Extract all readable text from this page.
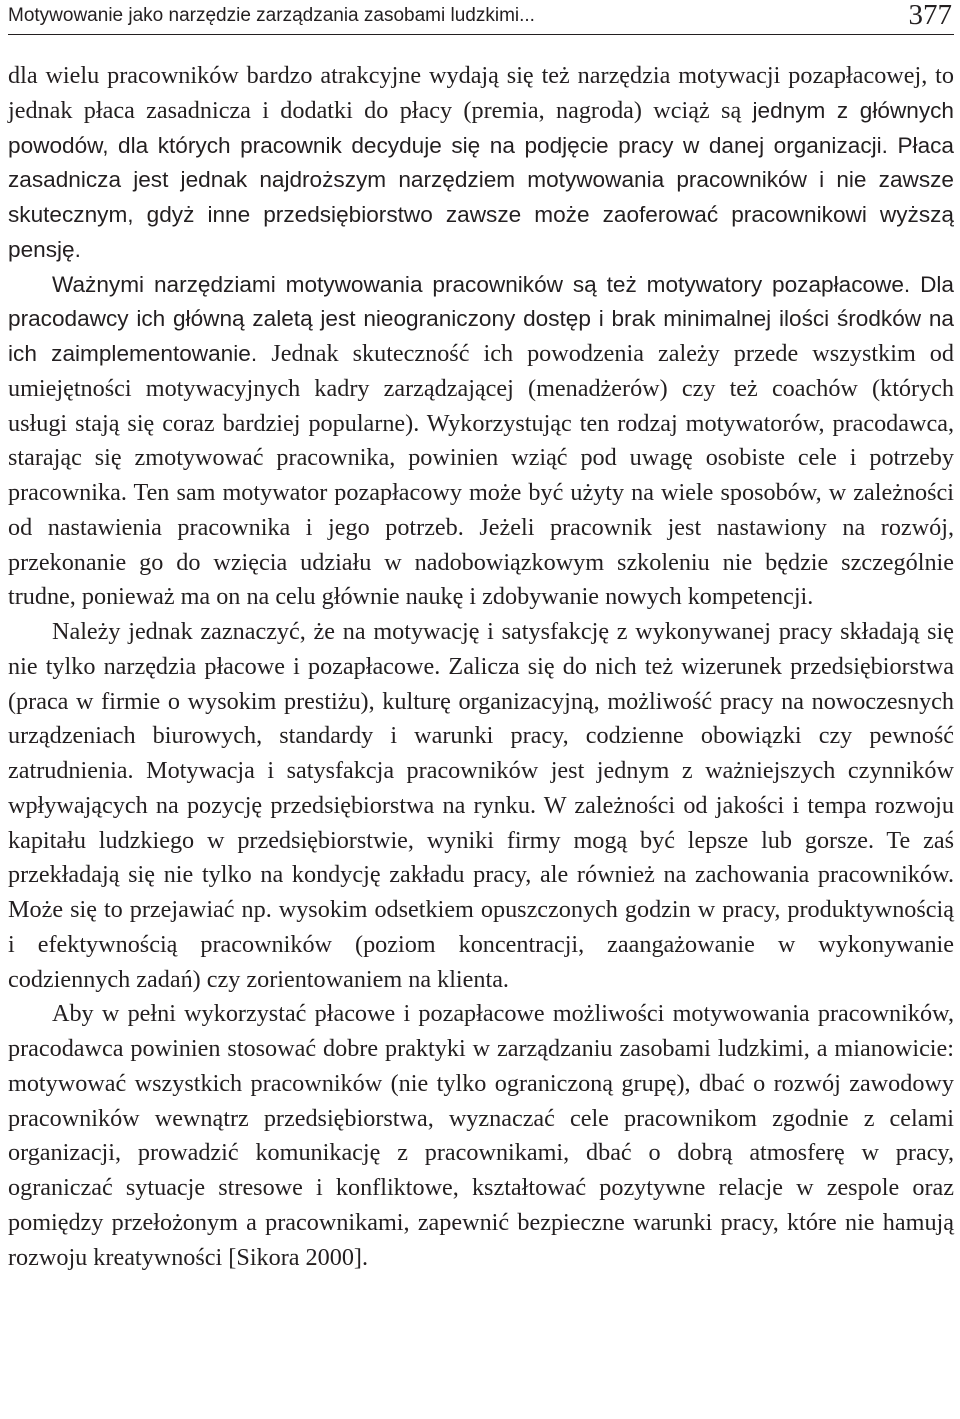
Motywowanie jako narzędzie zarządzania zasobami ludzkimi...	377

dla wielu pracowników bardzo atrakcyjne wydają się też narzędzia motywacji pozapłacowej, to jednak płaca zasadnicza i dodatki do płacy (premia, nagroda) wciąż są jednym z głównych powodów, dla których pracownik decyduje się na podjęcie pracy w danej organizacji. Płaca zasadnicza jest jednak najdroższym narzędziem motywowania pracowników i nie zawsze skutecznym, gdyż inne przedsiębiorstwo zawsze może zaoferować pracownikowi wyższą pensję.

Ważnymi narzędziami motywowania pracowników są też motywatory pozapłacowe. Dla pracodawcy ich główną zaletą jest nieograniczony dostęp i brak minimalnej ilości środków na ich zaimplementowanie. Jednak skuteczność ich powodzenia zależy przede wszystkim od umiejętności motywacyjnych kadry zarządzającej (menadżerów) czy też coachów (których usługi stają się coraz bardziej popularne). Wykorzystując ten rodzaj motywatorów, pracodawca, starając się zmotywować pracownika, powinien wziąć pod uwagę osobiste cele i potrzeby pracownika. Ten sam motywator pozapłacowy może być użyty na wiele sposobów, w zależności od nastawienia pracownika i jego potrzeb. Jeżeli pracownik jest nastawiony na rozwój, przekonanie go do wzięcia udziału w nadobowiązkowym szkoleniu nie będzie szczególnie trudne, ponieważ ma on na celu głównie naukę i zdobywanie nowych kompetencji.

Należy jednak zaznaczyć, że na motywację i satysfakcję z wykonywanej pracy składają się nie tylko narzędzia płacowe i pozapłacowe. Zalicza się do nich też wizerunek przedsiębiorstwa (praca w firmie o wysokim prestiżu), kulturę organizacyjną, możliwość pracy na nowoczesnych urządzeniach biurowych, standardy i warunki pracy, codzienne obowiązki czy pewność zatrudnienia. Motywacja i satysfakcja pracowników jest jednym z ważniejszych czynników wpływających na pozycję przedsiębiorstwa na rynku. W zależności od jakości i tempa rozwoju kapitału ludzkiego w przedsiębiorstwie, wyniki firmy mogą być lepsze lub gorsze. Te zaś przekładają się nie tylko na kondycję zakładu pracy, ale również na zachowania pracowników. Może się to przejawiać np. wysokim odsetkiem opuszczonych godzin w pracy, produktywnością i efektywnością pracowników (poziom koncentracji, zaangażowanie w wykonywanie codziennych zadań) czy zorientowaniem na klienta.

Aby w pełni wykorzystać płacowe i pozapłacowe możliwości motywowania pracowników, pracodawca powinien stosować dobre praktyki w zarządzaniu zasobami ludzkimi, a mianowicie: motywować wszystkich pracowników (nie tylko ograniczoną grupę), dbać o rozwój zawodowy pracowników wewnątrz przedsiębiorstwa, wyznaczać cele pracownikom zgodnie z celami organizacji, prowadzić komunikację z pracownikami, dbać o dobrą atmosferę w pracy, ograniczać sytuacje stresowe i konfliktowe, kształtować pozytywne relacje w zespole oraz pomiędzy przełożonym a pracownikami, zapewnić bezpieczne warunki pracy, które nie hamują rozwoju kreatywności [Sikora 2000].
